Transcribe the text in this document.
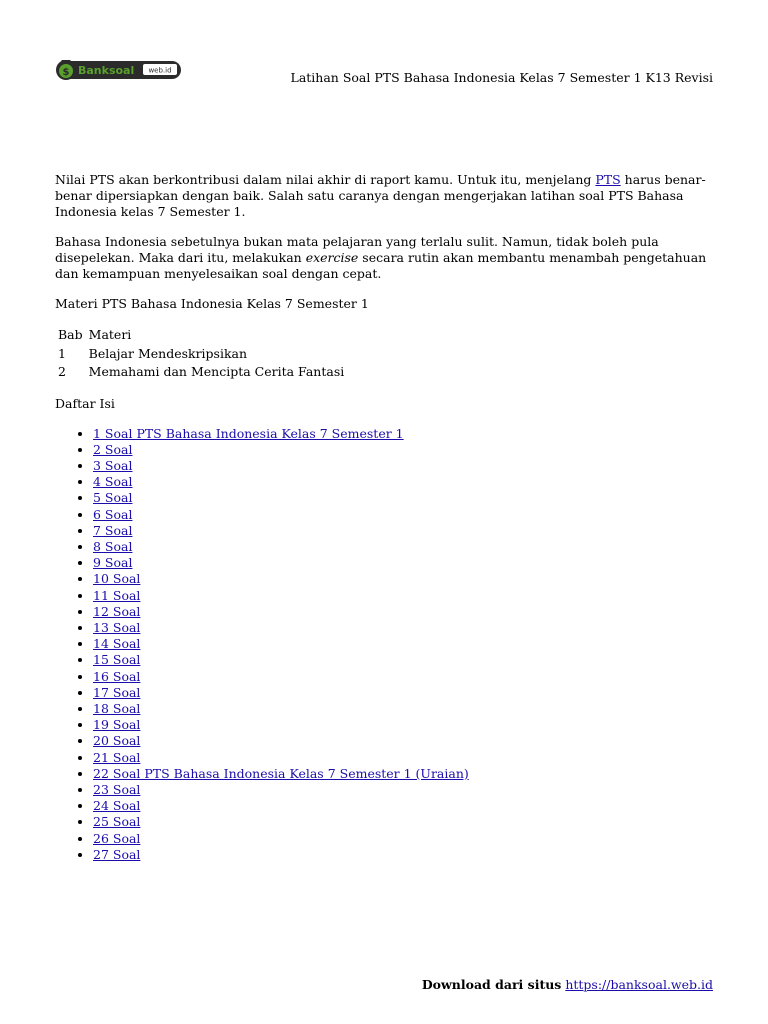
$ Banksoal web.id	Latihan Soal PTS Bahasa Indonesia Kelas 7 Semester 1 K13 Revisi

Nilai PTS akan berkontribusi dalam nilai akhir di raport kamu. Untuk itu, menjelang PTS harus benar-benar dipersiapkan dengan baik. Salah satu caranya dengan mengerjakan latihan soal PTS Bahasa Indonesia kelas 7 Semester 1.

Bahasa Indonesia sebetulnya bukan mata pelajaran yang terlalu sulit. Namun, tidak boleh pula disepelekan. Maka dari itu, melakukan exercise secara rutin akan membantu menambah pengetahuan dan kemampuan menyelesaikan soal dengan cepat.

Materi PTS Bahasa Indonesia Kelas 7 Semester 1

Bab	Materi
1	Belajar Mendeskripsikan
2	Memahami dan Mencipta Cerita Fantasi

Daftar Isi

• 1 Soal PTS Bahasa Indonesia Kelas 7 Semester 1
• 2 Soal
• 3 Soal
• 4 Soal
• 5 Soal
• 6 Soal
• 7 Soal
• 8 Soal
• 9 Soal
• 10 Soal
• 11 Soal
• 12 Soal
• 13 Soal
• 14 Soal
• 15 Soal
• 16 Soal
• 17 Soal
• 18 Soal
• 19 Soal
• 20 Soal
• 21 Soal
• 22 Soal PTS Bahasa Indonesia Kelas 7 Semester 1 (Uraian)
• 23 Soal
• 24 Soal
• 25 Soal
• 26 Soal
• 27 Soal
Download dari situs https://banksoal.web.id
